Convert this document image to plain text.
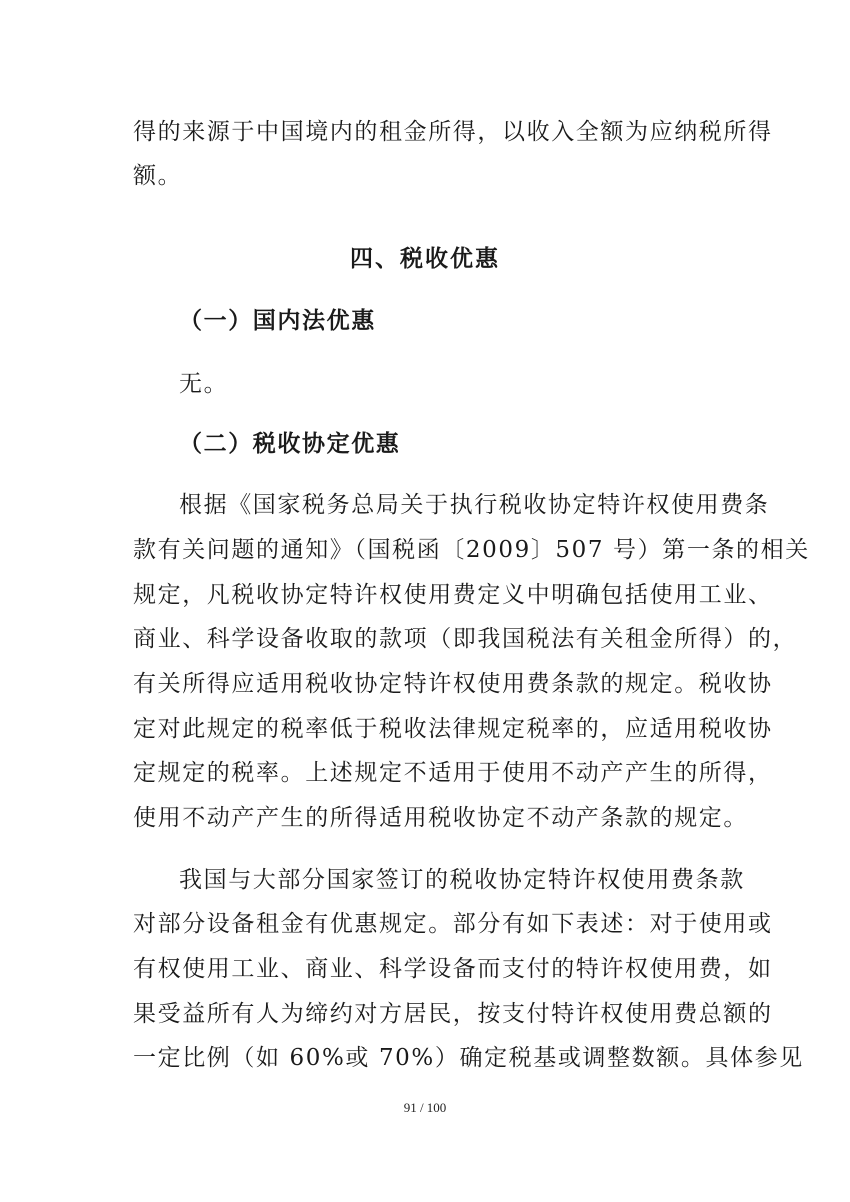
得的来源于中国境内的租金所得，以收入全额为应纳税所得
额。
四、税收优惠
（一）国内法优惠
无。
（二）税收协定优惠
根据《国家税务总局关于执行税收协定特许权使用费条
款有关问题的通知》（国税函〔2009〕507 号）第一条的相关
规定，凡税收协定特许权使用费定义中明确包括使用工业、
商业、科学设备收取的款项（即我国税法有关租金所得）的，
有关所得应适用税收协定特许权使用费条款的规定。税收协
定对此规定的税率低于税收法律规定税率的，应适用税收协
定规定的税率。上述规定不适用于使用不动产产生的所得，
使用不动产产生的所得适用税收协定不动产条款的规定。
我国与大部分国家签订的税收协定特许权使用费条款
对部分设备租金有优惠规定。部分有如下表述：对于使用或
有权使用工业、商业、科学设备而支付的特许权使用费，如
果受益所有人为缔约对方居民，按支付特许权使用费总额的
一定比例（如 60%或 70%）确定税基或调整数额。具体参见
91 / 100
